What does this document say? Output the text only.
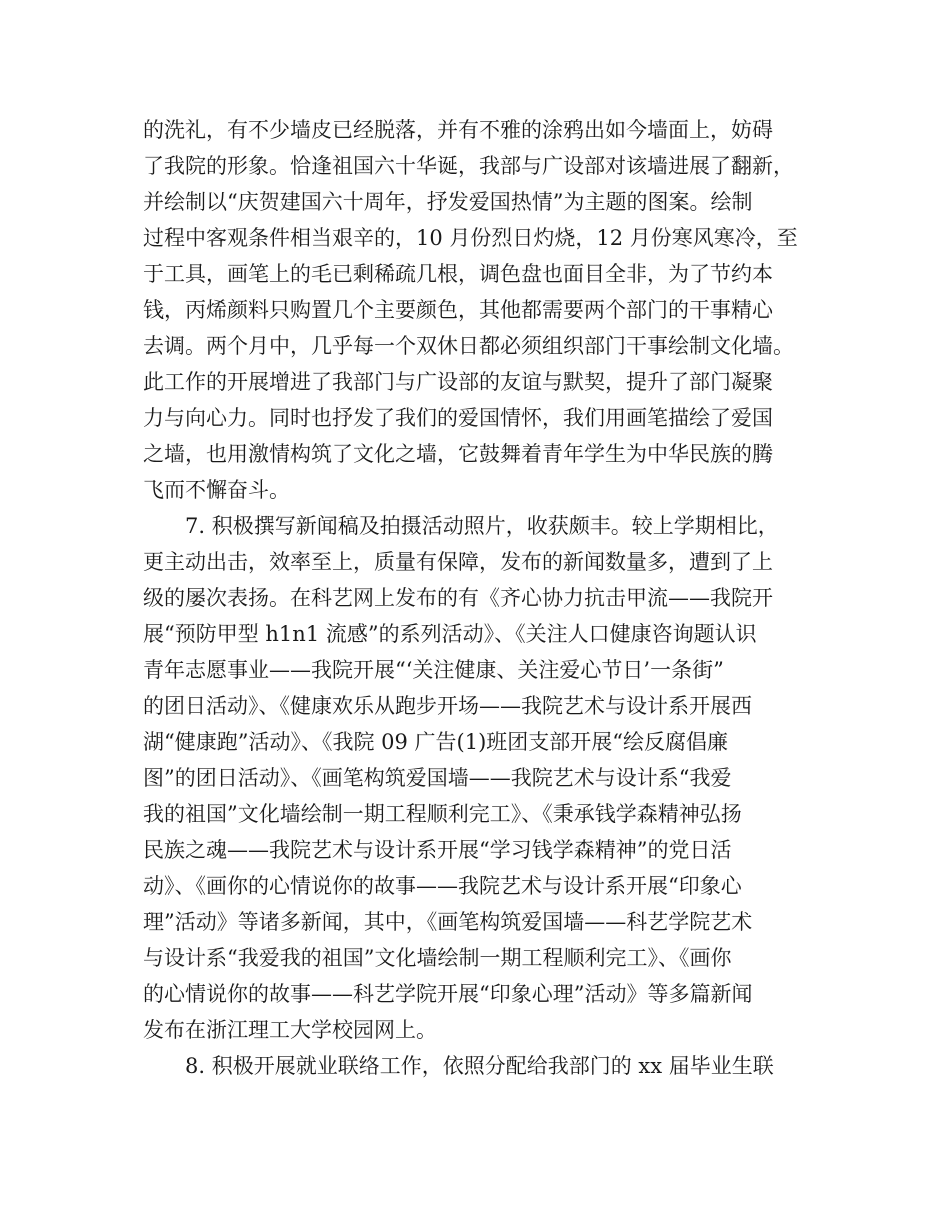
的洗礼，有不少墙皮已经脱落，并有不雅的涂鸦出如今墙面上，妨碍
了我院的形象。恰逢祖国六十华诞，我部与广设部对该墙进展了翻新，
并绘制以“庆贺建国六十周年，抒发爱国热情”为主题的图案。绘制
过程中客观条件相当艰辛的，10 月份烈日灼烧，12 月份寒风寒冷，至
于工具，画笔上的毛已剩稀疏几根，调色盘也面目全非，为了节约本
钱，丙烯颜料只购置几个主要颜色，其他都需要两个部门的干事精心
去调。两个月中，几乎每一个双休日都必须组织部门干事绘制文化墙。
此工作的开展增进了我部门与广设部的友谊与默契，提升了部门凝聚
力与向心力。同时也抒发了我们的爱国情怀，我们用画笔描绘了爱国
之墙，也用激情构筑了文化之墙，它鼓舞着青年学生为中华民族的腾
飞而不懈奋斗。
7. 积极撰写新闻稿及拍摄活动照片，收获颇丰。较上学期相比，
更主动出击，效率至上，质量有保障，发布的新闻数量多，遭到了上
级的屡次表扬。在科艺网上发布的有《齐心协力抗击甲流——我院开
展“预防甲型 h1n1 流感”的系列活动》、《关注人口健康咨询题认识
青年志愿事业——我院开展“‘关注健康、关注爱心节日’一条街”
的团日活动》、《健康欢乐从跑步开场——我院艺术与设计系开展西
湖“健康跑”活动》、《我院 09 广告(1)班团支部开展“绘反腐倡廉
图”的团日活动》、《画笔构筑爱国墙——我院艺术与设计系“我爱
我的祖国”文化墙绘制一期工程顺利完工》、《秉承钱学森精神弘扬
民族之魂——我院艺术与设计系开展“学习钱学森精神”的党日活
动》、《画你的心情说你的故事——我院艺术与设计系开展“印象心
理”活动》等诸多新闻，其中，《画笔构筑爱国墙——科艺学院艺术
与设计系“我爱我的祖国”文化墙绘制一期工程顺利完工》、《画你
的心情说你的故事——科艺学院开展“印象心理”活动》等多篇新闻
发布在浙江理工大学校园网上。
8. 积极开展就业联络工作，依照分配给我部门的 xx 届毕业生联
